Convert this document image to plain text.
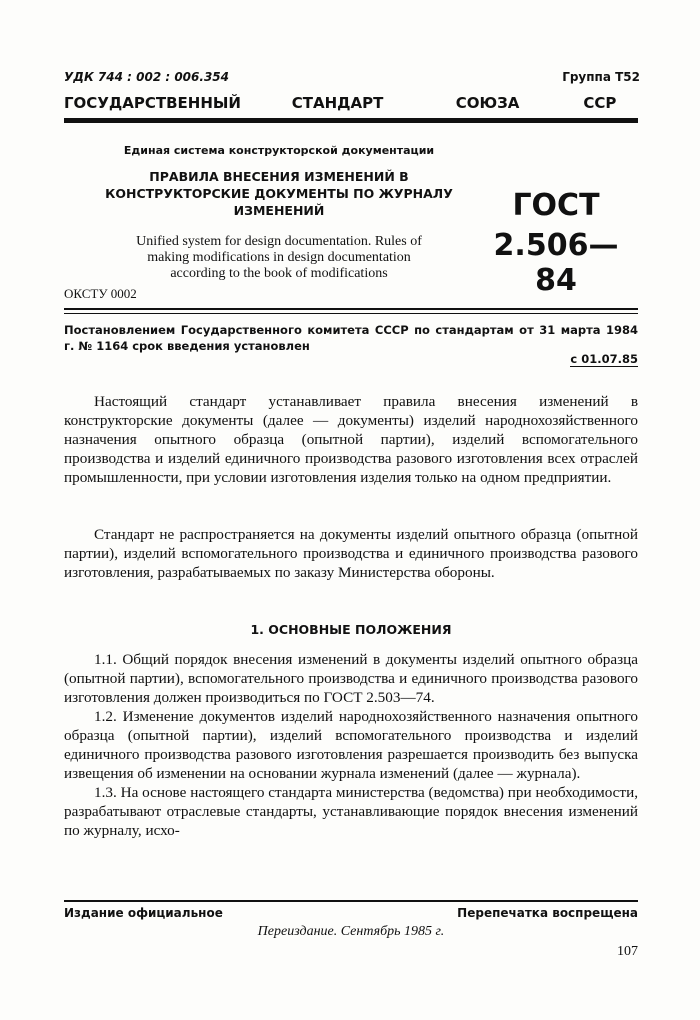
УДК 744 : 002 : 006.354	Группа Т52
ГОСУДАРСТВЕННЫЙ	СТАНДАРТ	СОЮЗА	ССР
Единая система конструкторской документации
ПРАВИЛА ВНЕСЕНИЯ ИЗМЕНЕНИЙ В
КОНСТРУКТОРСКИЕ ДОКУМЕНТЫ ПО ЖУРНАЛУ
ИЗМЕНЕНИЙ
Unified system for design documentation. Rules of
making modifications in design documentation
according to the book of modifications
ОКСТУ 0002
ГОСТ
2.506—84
Постановлением Государственного комитета СССР по стандартам от 31 марта 1984 г. № 1164 срок введения установлен
с 01.07.85

Настоящий стандарт устанавливает правила внесения изменений в конструкторские документы (далее — документы) изделий народнохозяйственного назначения опытного образца (опытной партии), изделий вспомогательного производства и изделий единичного производства разового изготовления всех отраслей промышленности, при условии изготовления изделия только на одном предприятии.

Стандарт не распространяется на документы изделий опытного образца (опытной партии), изделий вспомогательного производства и единичного производства разового изготовления, разрабатываемых по заказу Министерства обороны.

1. ОСНОВНЫЕ ПОЛОЖЕНИЯ

1.1. Общий порядок внесения изменений в документы изделий опытного образца (опытной партии), вспомогательного производства и единичного производства разового изготовления должен производиться по ГОСТ 2.503—74.

1.2. Изменение документов изделий народнохозяйственного назначения опытного образца (опытной партии), изделий вспомогательного производства и изделий единичного производства разового изготовления разрешается производить без выпуска извещения об изменении на основании журнала изменений (далее — журнала).

1.3. На основе настоящего стандарта министерства (ведомства) при необходимости, разрабатывают отраслевые стандарты, устанавливающие порядок внесения изменений по журналу, исхо-

Издание официальное	Перепечатка воспрещена
Переиздание. Сентябрь 1985 г.
107
